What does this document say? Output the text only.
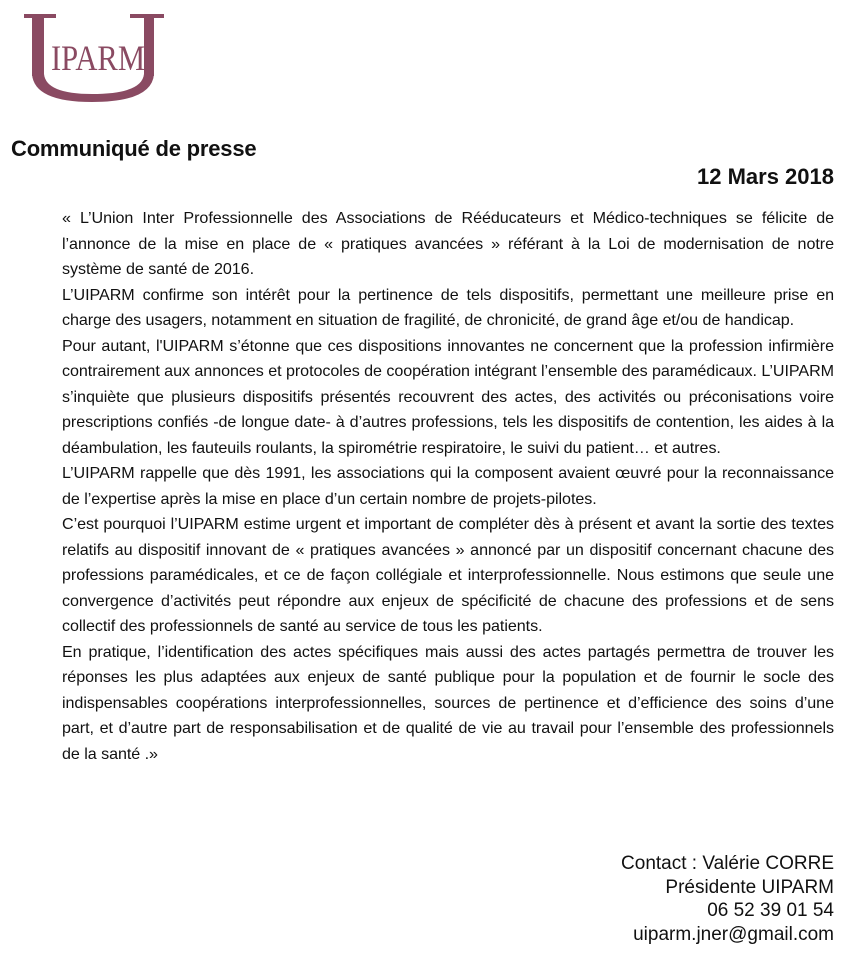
IPARM
Communiqué de presse
12 Mars 2018

« L’Union Inter Professionnelle des Associations de Rééducateurs et Médico-techniques se félicite de l’annonce de la mise en place de « pratiques avancées » référant à la Loi de modernisation de notre système de santé de 2016.

L’UIPARM confirme son intérêt pour la pertinence de tels dispositifs, permettant une meilleure prise en charge des usagers, notamment en situation de fragilité, de chronicité, de grand âge et/ou de handicap.

Pour autant, l'UIPARM s’étonne que ces dispositions innovantes ne concernent que la profession infirmière contrairement aux annonces et protocoles de coopération intégrant l’ensemble des paramédicaux. L’UIPARM s’inquiète que plusieurs dispositifs présentés recouvrent des actes, des activités ou préconisations voire prescriptions confiés -de longue date- à d’autres professions, tels les dispositifs de contention, les aides à la déambulation, les fauteuils roulants, la spirométrie respiratoire, le suivi du patient… et autres.

L’UIPARM rappelle que dès 1991, les associations qui la composent avaient œuvré pour la reconnaissance de l’expertise après la mise en place d’un certain nombre de projets-pilotes.

C’est pourquoi l’UIPARM estime urgent et important de compléter dès à présent et avant la sortie des textes relatifs au dispositif innovant de « pratiques avancées » annoncé par un dispositif concernant chacune des professions paramédicales, et ce de façon collégiale et interprofessionnelle. Nous estimons que seule une convergence d’activités peut répondre aux enjeux de spécificité de chacune des professions et de sens collectif des professionnels de santé au service de tous les patients.

En pratique, l’identification des actes spécifiques mais aussi des actes partagés permettra de trouver les réponses les plus adaptées aux enjeux de santé publique pour la population et de fournir le socle des indispensables coopérations interprofessionnelles, sources de pertinence et d’efficience des soins d’une part, et d’autre part de responsabilisation et de qualité de vie au travail pour l’ensemble des professionnels de la santé .»

Contact : Valérie CORRE
Présidente UIPARM
06 52 39 01 54
uiparm.jner@gmail.com
